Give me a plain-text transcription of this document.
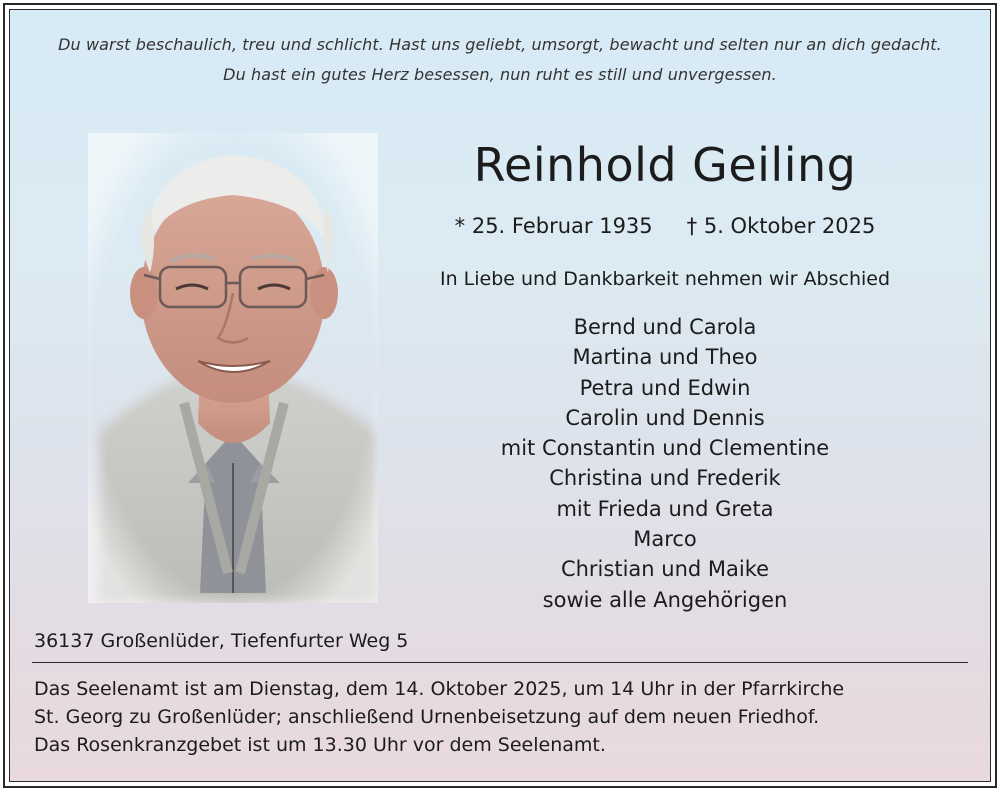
Du warst beschaulich, treu und schlicht. Hast uns geliebt, umsorgt, bewacht und selten nur an dich gedacht.
Du hast ein gutes Herz besessen, nun ruht es still und unvergessen.
Reinhold Geiling
* 25. Februar 1935 † 5. Oktober 2025
In Liebe und Dankbarkeit nehmen wir Abschied
Bernd und Carola
Martina und Theo
Petra und Edwin
Carolin und Dennis
mit Constantin und Clementine
Christina und Frederik
mit Frieda und Greta
Marco
Christian und Maike
sowie alle Angehörigen
36137 Großenlüder, Tiefenfurter Weg 5
Das Seelenamt ist am Dienstag, dem 14. Oktober 2025, um 14 Uhr in der Pfarrkirche
St. Georg zu Großenlüder; anschließend Urnenbeisetzung auf dem neuen Friedhof.
Das Rosenkranzgebet ist um 13.30 Uhr vor dem Seelenamt.
